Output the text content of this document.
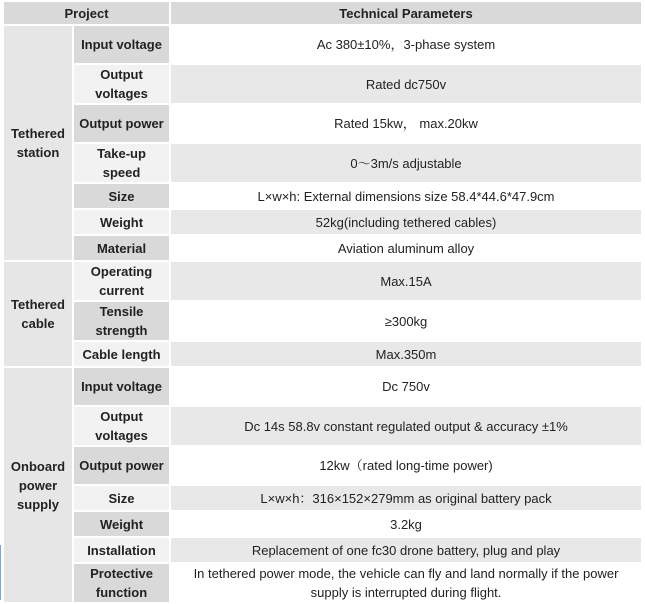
Project		Technical Parameters
Tethered station	Input voltage	Ac 380±10%，3-phase system
	Output voltages	Rated dc750v
	Output power	Rated 15kw， max.20kw
	Take-up speed	0～3m/s adjustable
	Size	L×w×h: External dimensions size 58.4*44.6*47.9cm
	Weight	52kg(including tethered cables)
	Material	Aviation aluminum alloy
Tethered cable	Operating current	Max.15A
	Tensile strength	≥300kg
	Cable length	Max.350m
Onboard power supply	Input voltage	Dc 750v
	Output voltages	Dc 14s 58.8v constant regulated output & accuracy ±1%
	Output power	12kw（rated long-time power)
	Size	L×w×h：316×152×279mm as original battery pack
	Weight	3.2kg
	Installation	Replacement of one fc30 drone battery, plug and play
	Protective function	In tethered power mode, the vehicle can fly and land normally if the power supply is interrupted during flight.
